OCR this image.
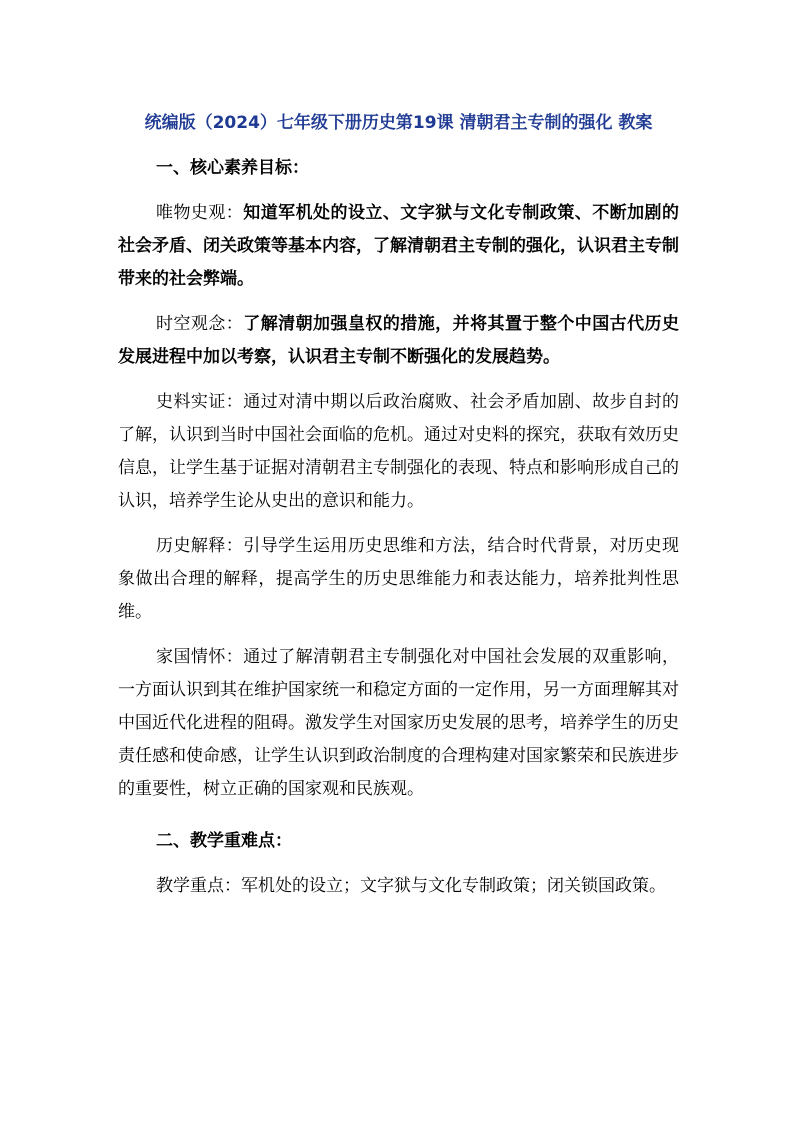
统编版（2024）七年级下册历史第19课 清朝君主专制的强化 教案
一、核心素养目标：

唯物史观：知道军机处的设立、文字狱与文化专制政策、不断加剧的社会矛盾、闭关政策等基本内容，了解清朝君主专制的强化，认识君主专制带来的社会弊端。

时空观念：了解清朝加强皇权的措施，并将其置于整个中国古代历史发展进程中加以考察，认识君主专制不断强化的发展趋势。

史料实证：通过对清中期以后政治腐败、社会矛盾加剧、故步自封的了解，认识到当时中国社会面临的危机。通过对史料的探究，获取有效历史信息，让学生基于证据对清朝君主专制强化的表现、特点和影响形成自己的认识，培养学生论从史出的意识和能力。

历史解释：引导学生运用历史思维和方法，结合时代背景，对历史现象做出合理的解释，提高学生的历史思维能力和表达能力，培养批判性思维。

家国情怀：通过了解清朝君主专制强化对中国社会发展的双重影响，一方面认识到其在维护国家统一和稳定方面的一定作用，另一方面理解其对中国近代化进程的阻碍。激发学生对国家历史发展的思考，培养学生的历史责任感和使命感，让学生认识到政治制度的合理构建对国家繁荣和民族进步的重要性，树立正确的国家观和民族观。

二、教学重难点：

教学重点：军机处的设立；文字狱与文化专制政策；闭关锁国政策。
